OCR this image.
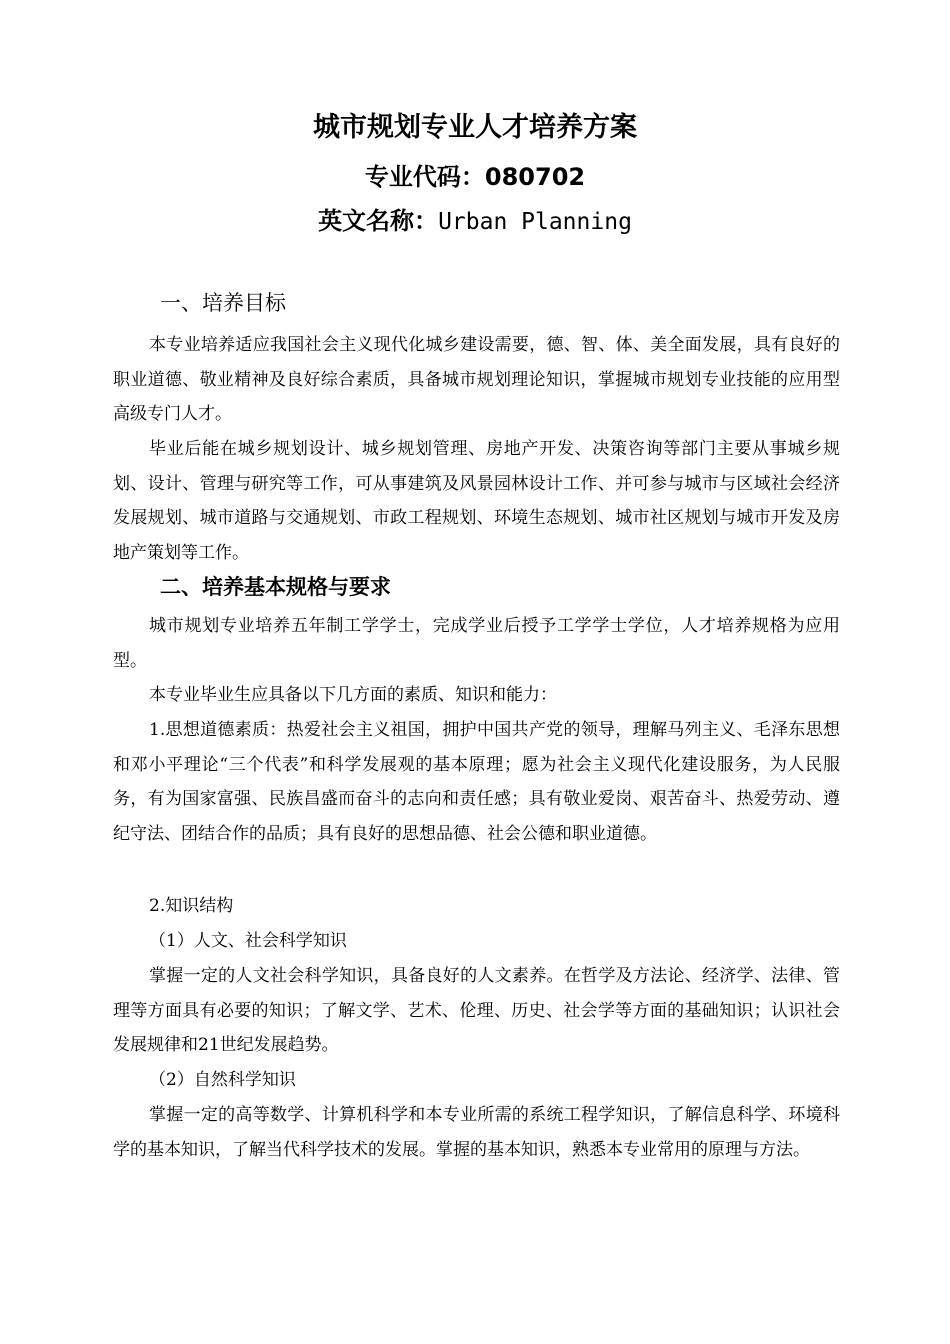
城市规划专业人才培养方案
专业代码：080702
英文名称：Urban Planning
一、培养目标

本专业培养适应我国社会主义现代化城乡建设需要，德、智、体、美全面发展，具有良好的职业道德、敬业精神及良好综合素质，具备城市规划理论知识，掌握城市规划专业技能的应用型高级专门人才。

毕业后能在城乡规划设计、城乡规划管理、房地产开发、决策咨询等部门主要从事城乡规划、设计、管理与研究等工作，可从事建筑及风景园林设计工作、并可参与城市与区域社会经济发展规划、城市道路与交通规划、市政工程规划、环境生态规划、城市社区规划与城市开发及房地产策划等工作。

二、培养基本规格与要求

城市规划专业培养五年制工学学士，完成学业后授予工学学士学位，人才培养规格为应用型。

本专业毕业生应具备以下几方面的素质、知识和能力：

1.思想道德素质：热爱社会主义祖国，拥护中国共产党的领导，理解马列主义、毛泽东思想和邓小平理论“三个代表”和科学发展观的基本原理；愿为社会主义现代化建设服务，为人民服务，有为国家富强、民族昌盛而奋斗的志向和责任感；具有敬业爱岗、艰苦奋斗、热爱劳动、遵纪守法、团结合作的品质；具有良好的思想品德、社会公德和职业道德。

2.知识结构

（1）人文、社会科学知识

掌握一定的人文社会科学知识，具备良好的人文素养。在哲学及方法论、经济学、法律、管理等方面具有必要的知识；了解文学、艺术、伦理、历史、社会学等方面的基础知识；认识社会发展规律和21世纪发展趋势。

（2）自然科学知识

掌握一定的高等数学、计算机科学和本专业所需的系统工程学知识，了解信息科学、环境科学的基本知识，了解当代科学技术的发展。掌握的基本知识，熟悉本专业常用的原理与方法。
